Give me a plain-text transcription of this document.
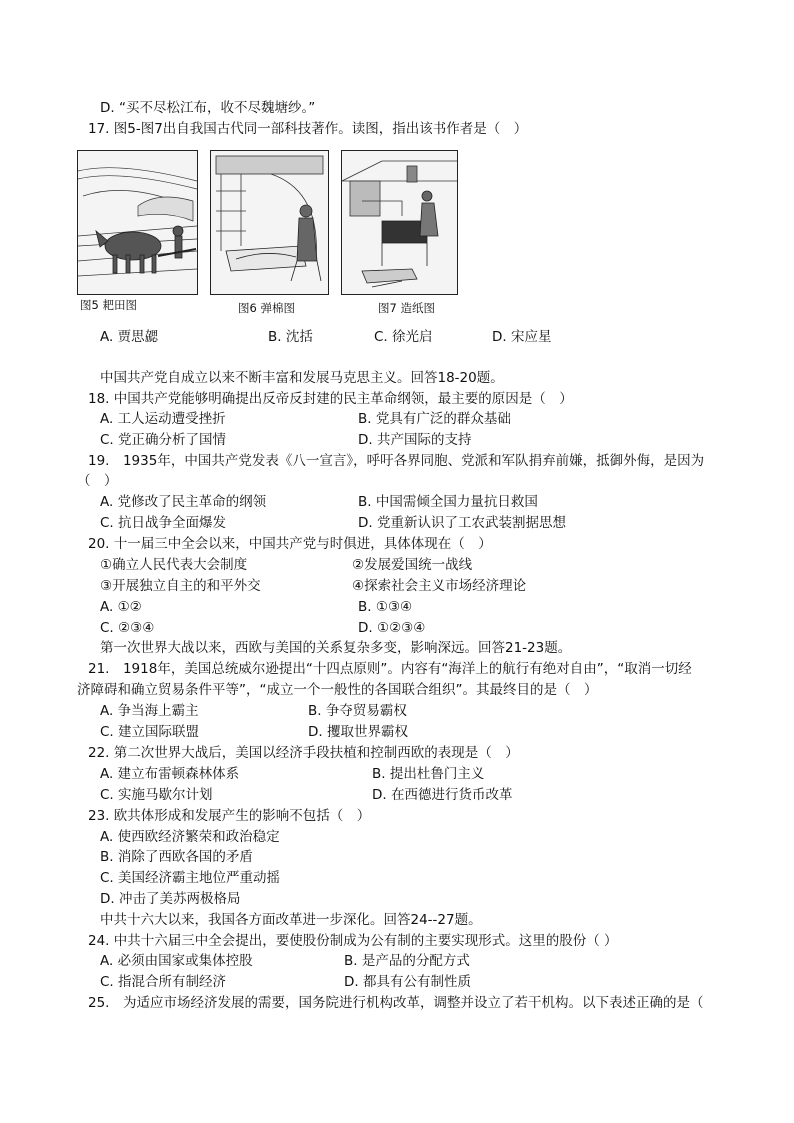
D. “买不尽松江布，收不尽魏塘纱。”
17. 图5-图7出自我国古代同一部科技著作。读图，指出该书作者是（　）
图5 耙田图	图6 弹棉图	图7 造纸图
A. 贾思勰	B. 沈括	C. 徐光启	D. 宋应星
中国共产党自成立以来不断丰富和发展马克思主义。回答18-20题。
18. 中国共产党能够明确提出反帝反封建的民主革命纲领，最主要的原因是（　）
A. 工人运动遭受挫折	B. 党具有广泛的群众基础
C. 党正确分析了国情	D. 共产国际的支持
19.　1935年，中国共产党发表《八一宣言》，呼吁各界同胞、党派和军队捐弃前嫌，抵御外侮，是因为
（　）
A. 党修改了民主革命的纲领	B. 中国需倾全国力量抗日救国
C. 抗日战争全面爆发	D. 党重新认识了工农武装割据思想
20. 十一届三中全会以来，中国共产党与时俱进，具体体现在（　）
①确立人民代表大会制度	②发展爱国统一战线
③开展独立自主的和平外交	④探索社会主义市场经济理论
A. ①②	B. ①③④
C. ②③④	D. ①②③④
第一次世界大战以来，西欧与美国的关系复杂多变，影响深远。回答21-23题。
21.　1918年，美国总统威尔逊提出“十四点原则”。内容有“海洋上的航行有绝对自由”，“取消一切经
济障碍和确立贸易条件平等”，“成立一个一般性的各国联合组织”。其最终目的是（　）
A. 争当海上霸主	B. 争夺贸易霸权
C. 建立国际联盟	D. 攫取世界霸权
22. 第二次世界大战后，美国以经济手段扶植和控制西欧的表现是（　）
A. 建立布雷顿森林体系	B. 提出杜鲁门主义
C. 实施马歇尔计划	D. 在西德进行货币改革
23. 欧共体形成和发展产生的影响不包括（　）
A. 使西欧经济繁荣和政治稳定
B. 消除了西欧各国的矛盾
C. 美国经济霸主地位严重动摇
D. 冲击了美苏两极格局
中共十六大以来，我国各方面改革进一步深化。回答24--27题。
24. 中共十六届三中全会提出，要使股份制成为公有制的主要实现形式。这里的股份（ ）
A. 必须由国家或集体控股	B. 是产品的分配方式
C. 指混合所有制经济	D. 都具有公有制性质
25.　为适应市场经济发展的需要，国务院进行机构改革，调整并设立了若干机构。以下表述正确的是（
